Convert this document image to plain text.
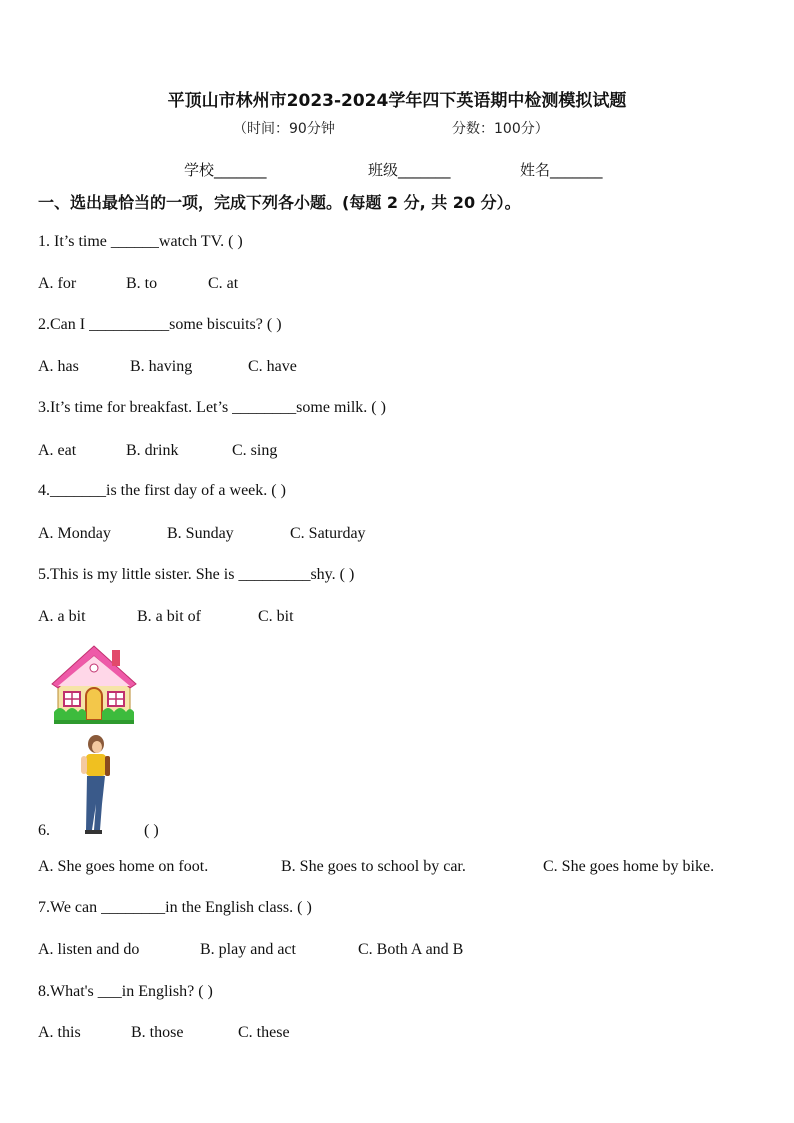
平顶山市林州市2023-2024学年四下英语期中检测模拟试题
（时间：90分钟	分数：100分）
学校_______	班级_______	姓名_______
一、选出最恰当的一项，完成下列各小题。(每题 2 分, 共 20 分）。
1. It’s time ______watch TV. ( )
A. for	B. to	C. at
2.Can I __________some biscuits? ( )
A. has	B. having	C. have
3.It’s time for breakfast. Let’s ________some milk. ( )
A. eat	B. drink	C. sing
4._______is the first day of a week. ( )
A. Monday	B. Sunday	C. Saturday
5.This is my little sister. She is _________shy. ( )
A. a bit	B. a bit of	C. bit
6.	( )
A. She goes home on foot.	B. She goes to school by car.	C. She goes home by bike.
7.We can ________in the English class. ( )
A. listen and do	B. play and act	C. Both A and B
8.What's ___in English? ( )
A. this	B. those	C. these
